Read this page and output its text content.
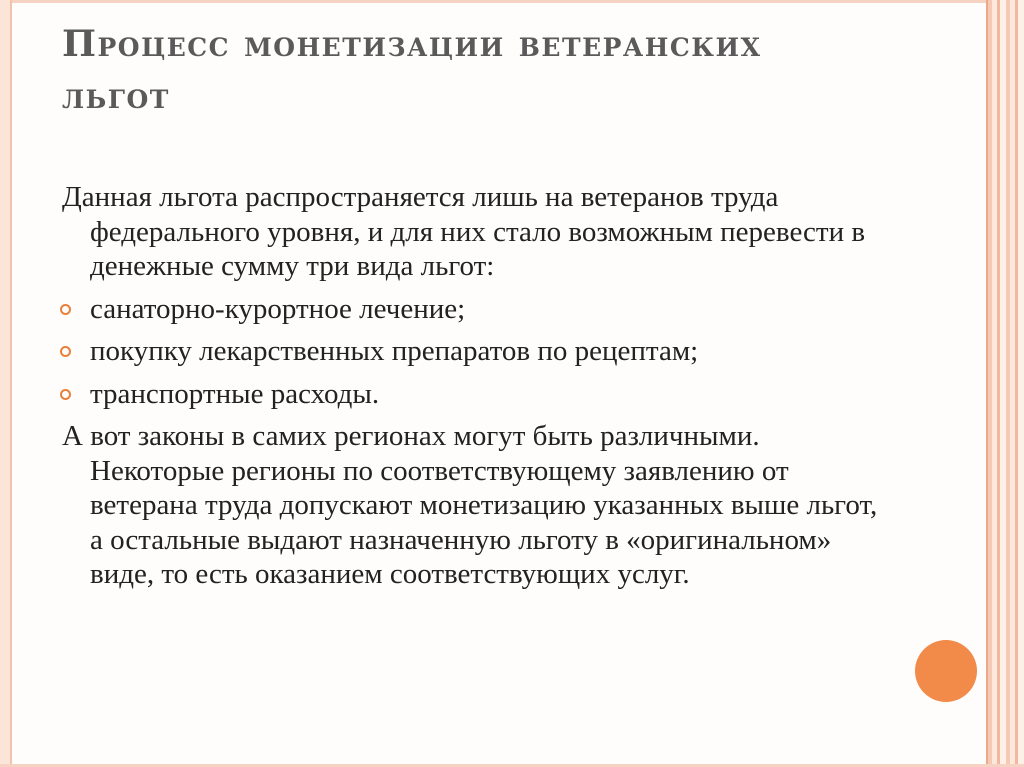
Процесс монетизации ветеранских
льгот

Данная льгота распространяется лишь на ветеранов труда федерального уровня, и для них стало возможным перевести в денежные сумму три вида льгот:

санаторно-курортное лечение;
покупку лекарственных препаратов по рецептам;
транспортные расходы.

А вот законы в самих регионах могут быть различными. Некоторые регионы по соответствующему заявлению от ветерана труда допускают монетизацию указанных выше льгот, а остальные выдают назначенную льготу в «оригинальном» виде, то есть оказанием соответствующих услуг.
